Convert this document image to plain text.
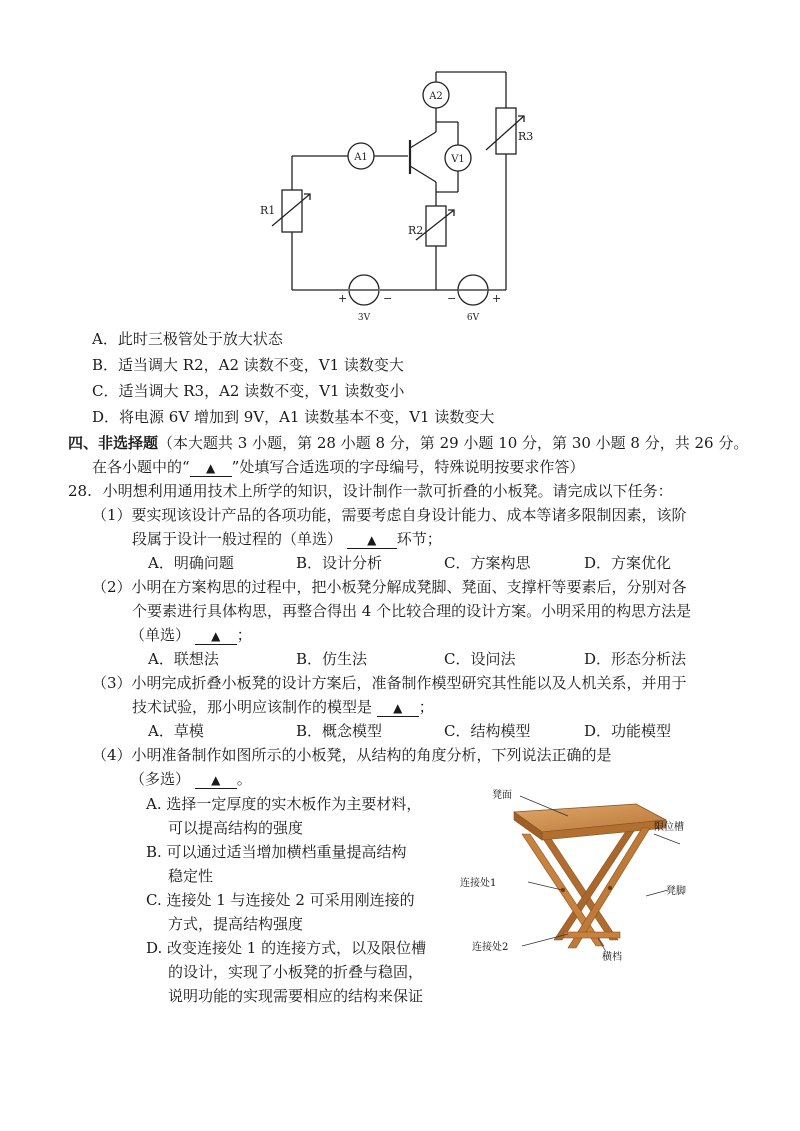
A1
A2
V1
R1
R2
R3
+	−	−	+
3V	6V
A．此时三极管处于放大状态
B．适当调大 R2，A2 读数不变，V1 读数变大
C．适当调大 R3，A2 读数不变，V1 读数变小
D．将电源 6V 增加到 9V，A1 读数基本不变，V1 读数变大
四、非选择题（本大题共 3 小题，第 28 小题 8 分，第 29 小题 10 分，第 30 小题 8 分，共 26 分。
在各小题中的“ ▲ ”处填写合适选项的字母编号，特殊说明按要求作答）
28. 小明想利用通用技术上所学的知识，设计制作一款可折叠的小板凳。请完成以下任务：
（1）要实现该设计产品的各项功能，需要考虑自身设计能力、成本等诸多限制因素，该阶
段属于设计一般过程的（单选） ▲ 环节；
A．明确问题	B．设计分析	C．方案构思	D．方案优化
（2）小明在方案构思的过程中，把小板凳分解成凳脚、凳面、支撑杆等要素后，分别对各
个要素进行具体构思，再整合得出 4 个比较合理的设计方案。小明采用的构思方法是
（单选） ▲ ；
A．联想法	B．仿生法	C．设问法	D．形态分析法
（3）小明完成折叠小板凳的设计方案后，准备制作模型研究其性能以及人机关系，并用于
技术试验，那小明应该制作的模型是 ▲ ；
A．草模	B．概念模型	C．结构模型	D．功能模型
（4）小明准备制作如图所示的小板凳，从结构的角度分析，下列说法正确的是
（多选） ▲ 。
A. 选择一定厚度的实木板作为主要材料，
可以提高结构的强度
B. 可以通过适当增加横档重量提高结构
稳定性
C. 连接处 1 与连接处 2 可采用刚连接的
方式，提高结构强度
D. 改变连接处 1 的连接方式，以及限位槽
的设计，实现了小板凳的折叠与稳固，
说明功能的实现需要相应的结构来保证
凳面
限位槽
连接处1
凳脚
连接处2
横档
